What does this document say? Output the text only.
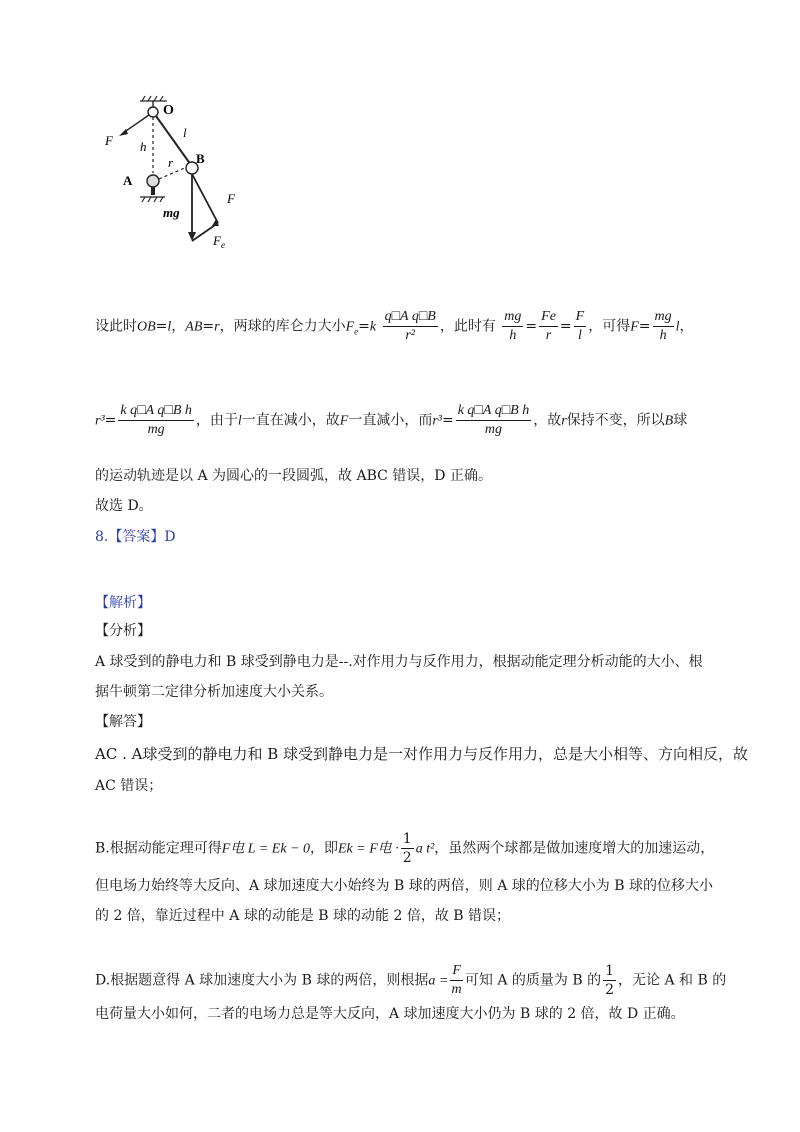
O
l
F h
r B
A
F
mg
$F_e$
设此时OB=l，AB=r，两球的库仑力大小$F_e=k \frac{\text{q□A q□B}}{\text{r²}}$ ，此时有 $\frac{mg}{h} = \frac{Fe}{r} = \frac{F}{l}$ ，可得$F= \frac{mg}{h}$ l，
$r^3= \frac{\text{k q□A q□B h}}{mg}$ ，由于l一直在减小，故F一直减小，而$r^3= \frac{\text{k q□A q□B h}}{mg}$ ，故r保持不变，所以B球
的运动轨迹是以 A 为圆心的一段圆弧，故 ABC 错误，D 正确。
故选 D。
8.【答案】D
【解析】
【分析】
A 球受到的静电力和 B 球受到静电力是--.对作用力与反作用力，根据动能定理分析动能的大小、根
据牛顿第二定律分析加速度大小关系。
【解答】
AC . A球受到的静电力和 B 球受到静电力是一对作用力与反作用力，总是大小相等、方向相反，故
AC 错误；
B.根据动能定理可得F电 L = Ek − 0，即Ek = F电 · $\frac{1}{2}$ a t²，虽然两个球都是做加速度增大的加速运动，
但电场力始终等大反向、A 球加速度大小始终为 B 球的两倍，则 A 球的位移大小为 B 球的位移大小
的 2 倍，靠近过程中 A 球的动能是 B 球的动能 2 倍，故 B 错误；
D.根据题意得 A 球加速度大小为 B 球的两倍，则根据$a = \frac{F}{m}$ 可知 A 的质量为 B 的 $\frac{1}{2}$ ，无论 A 和 B 的
电荷量大小如何，二者的电场力总是等大反向，A 球加速度大小仍为 B 球的 2 倍，故 D 正确。
